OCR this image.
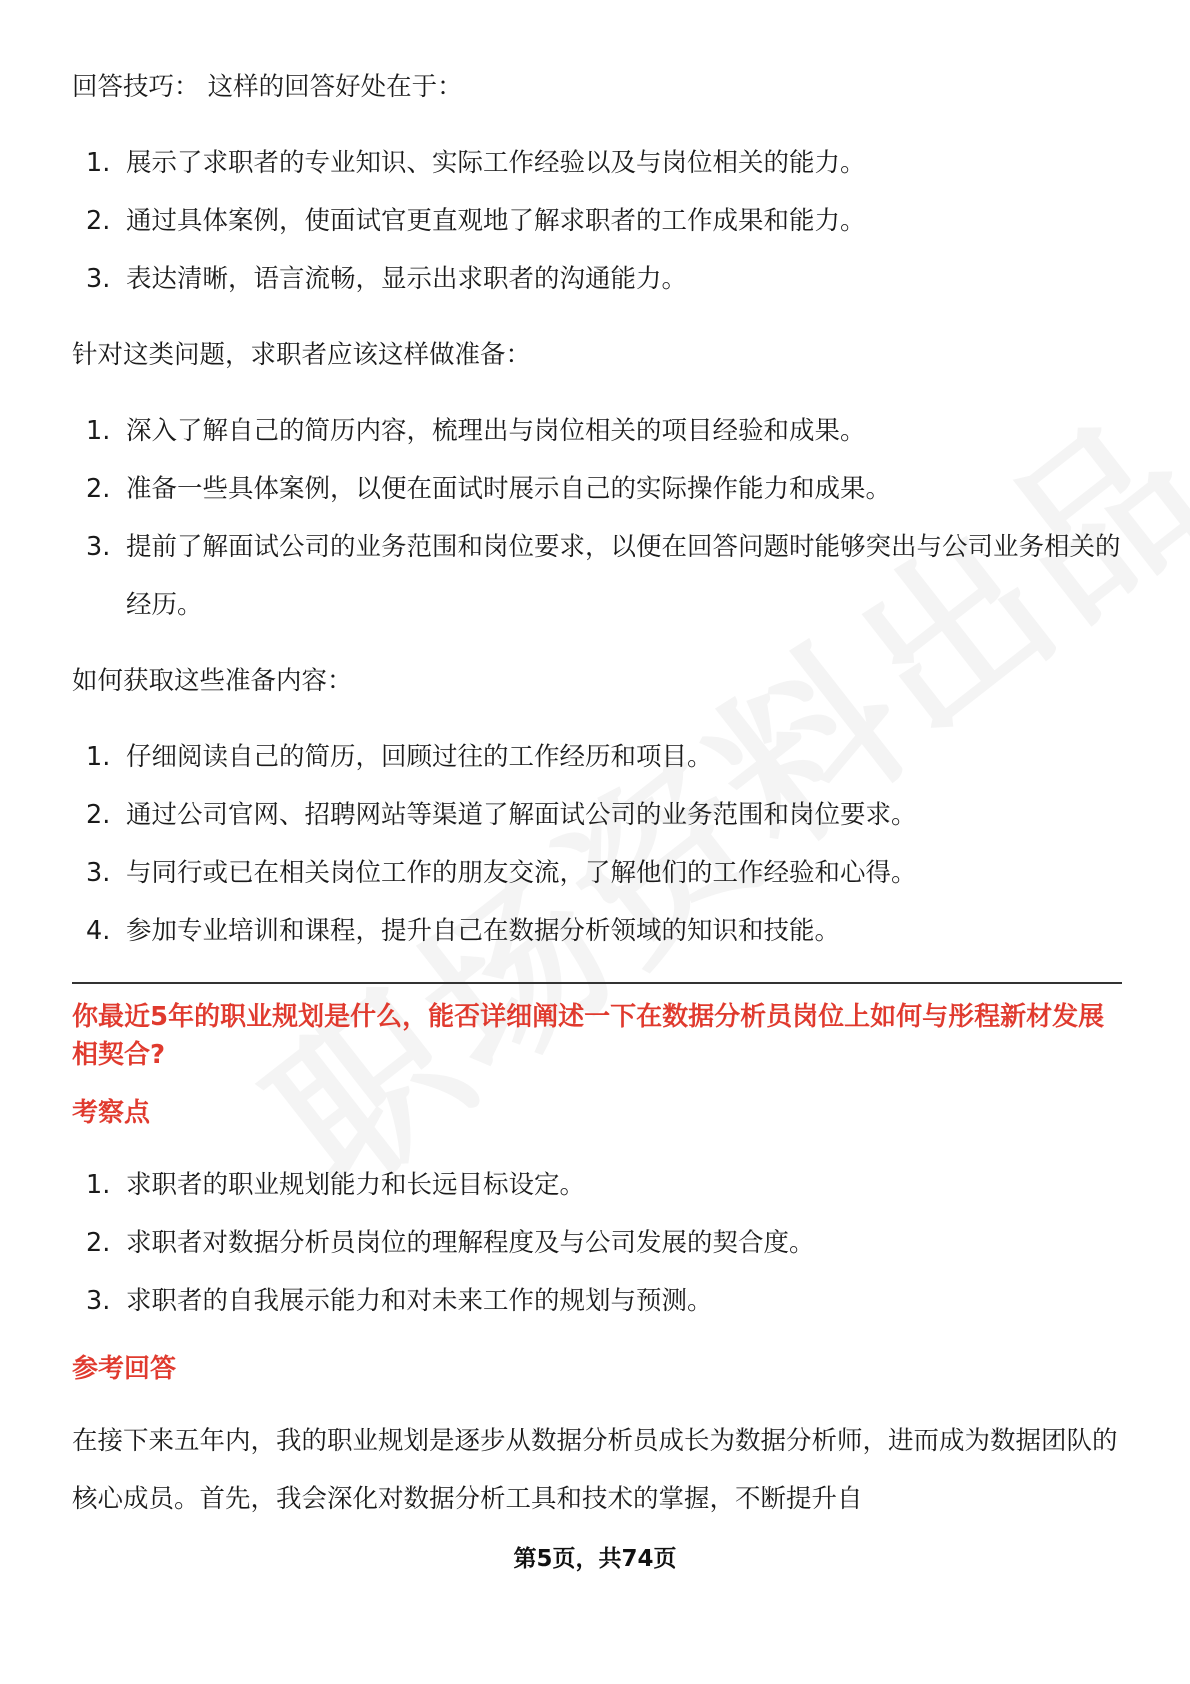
回答技巧： 这样的回答好处在于：

1. 展示了求职者的专业知识、实际工作经验以及与岗位相关的能力。
2. 通过具体案例，使面试官更直观地了解求职者的工作成果和能力。
3. 表达清晰，语言流畅，显示出求职者的沟通能力。

针对这类问题，求职者应该这样做准备：

1. 深入了解自己的简历内容，梳理出与岗位相关的项目经验和成果。
2. 准备一些具体案例，以便在面试时展示自己的实际操作能力和成果。
3. 提前了解面试公司的业务范围和岗位要求，以便在回答问题时能够突出与公司业务相关的经历。

如何获取这些准备内容：

1. 仔细阅读自己的简历，回顾过往的工作经历和项目。
2. 通过公司官网、招聘网站等渠道了解面试公司的业务范围和岗位要求。
3. 与同行或已在相关岗位工作的朋友交流，了解他们的工作经验和心得。
4. 参加专业培训和课程，提升自己在数据分析领域的知识和技能。

你最近5年的职业规划是什么，能否详细阐述一下在数据分析员岗位上如何与彤程新材发展相契合?

考察点

1. 求职者的职业规划能力和长远目标设定。
2. 求职者对数据分析员岗位的理解程度及与公司发展的契合度。
3. 求职者的自我展示能力和对未来工作的规划与预测。

参考回答

在接下来五年内，我的职业规划是逐步从数据分析员成长为数据分析师，进而成为数据团队的核心成员。首先，我会深化对数据分析工具和技术的掌握，不断提升自

第5页，共74页
